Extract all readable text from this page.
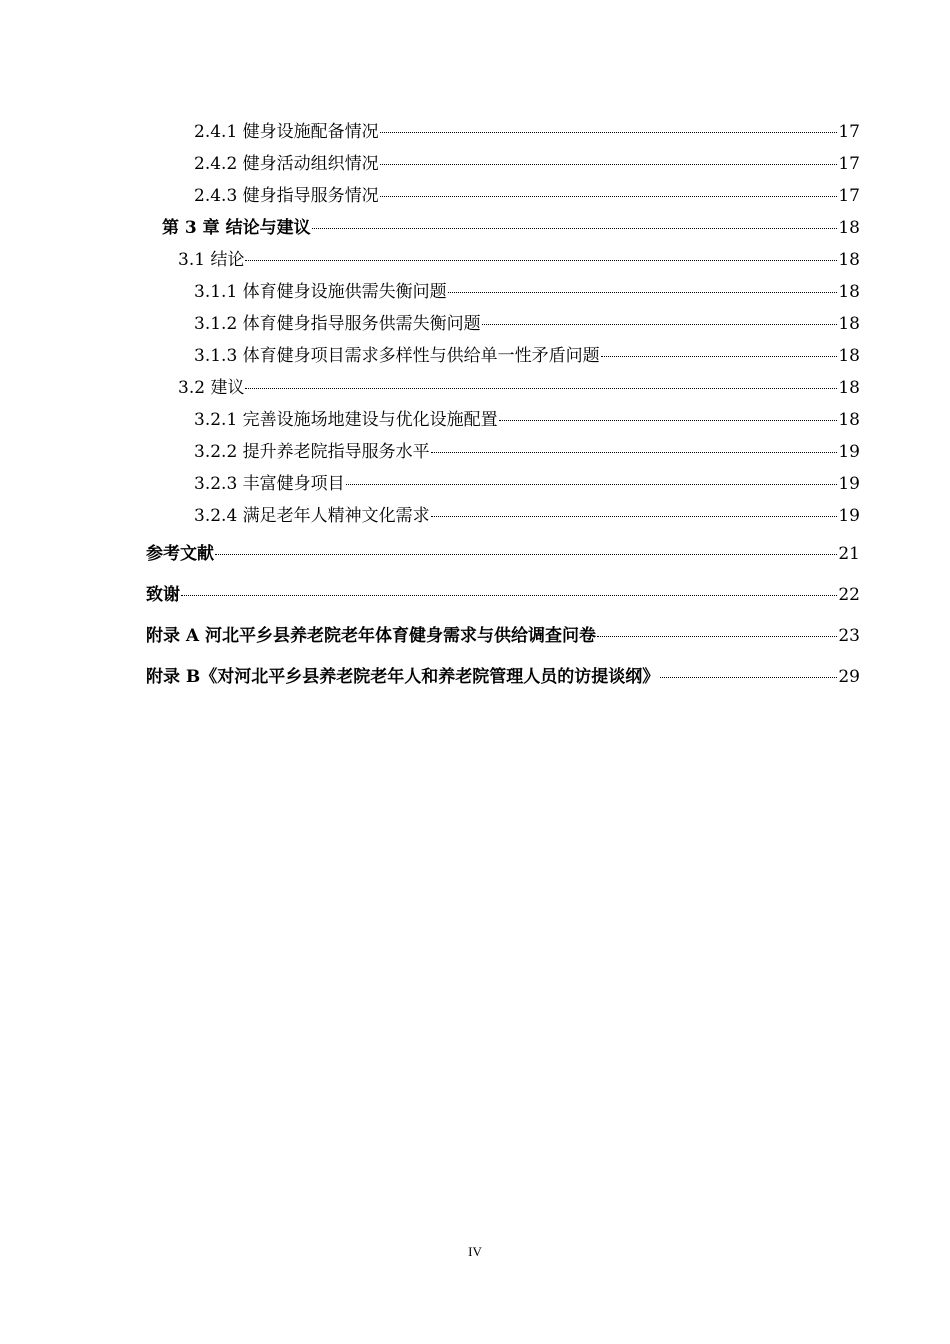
2.4.1 健身设施配备情况	17
2.4.2 健身活动组织情况	17
2.4.3 健身指导服务情况	17
第 3 章 结论与建议	18
3.1 结论	18
3.1.1 体育健身设施供需失衡问题	18
3.1.2 体育健身指导服务供需失衡问题	18
3.1.3 体育健身项目需求多样性与供给单一性矛盾问题	18
3.2 建议	18
3.2.1 完善设施场地建设与优化设施配置	18
3.2.2 提升养老院指导服务水平	19
3.2.3 丰富健身项目	19
3.2.4 满足老年人精神文化需求	19
参考文献	21
致谢	22
附录 A 河北平乡县养老院老年体育健身需求与供给调查问卷	23
附录 B《对河北平乡县养老院老年人和养老院管理人员的访提谈纲》	29
IV
